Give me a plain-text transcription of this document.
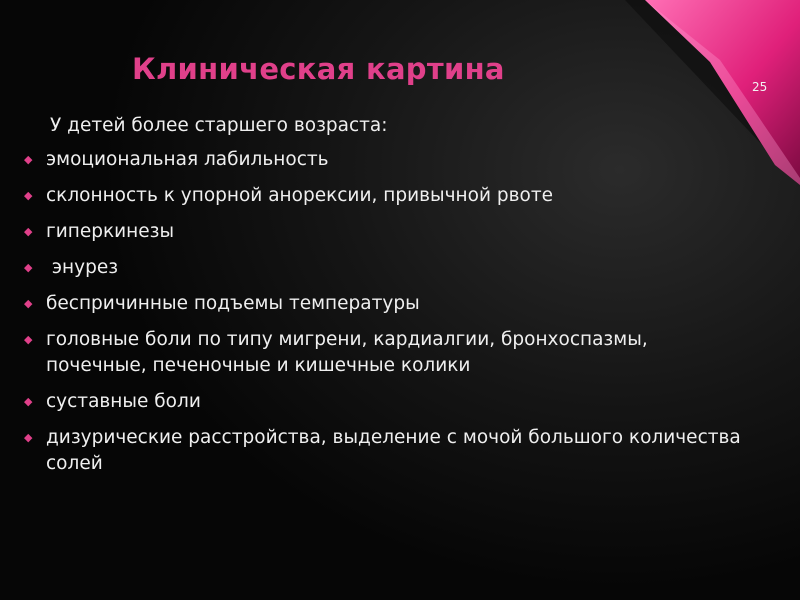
Клиническая картина
25
У детей более старшего возраста:
◆ эмоциональная лабильность
◆ склонность к упорной анорексии, привычной рвоте
◆ гиперкинезы
◆ энурез
◆ беспричинные подъемы температуры
◆ головные боли по типу мигрени, кардиалгии, бронхоспазмы, почечные, печеночные и кишечные колики
◆ суставные боли
◆ дизурические расстройства, выделение с мочой большого количества солей
